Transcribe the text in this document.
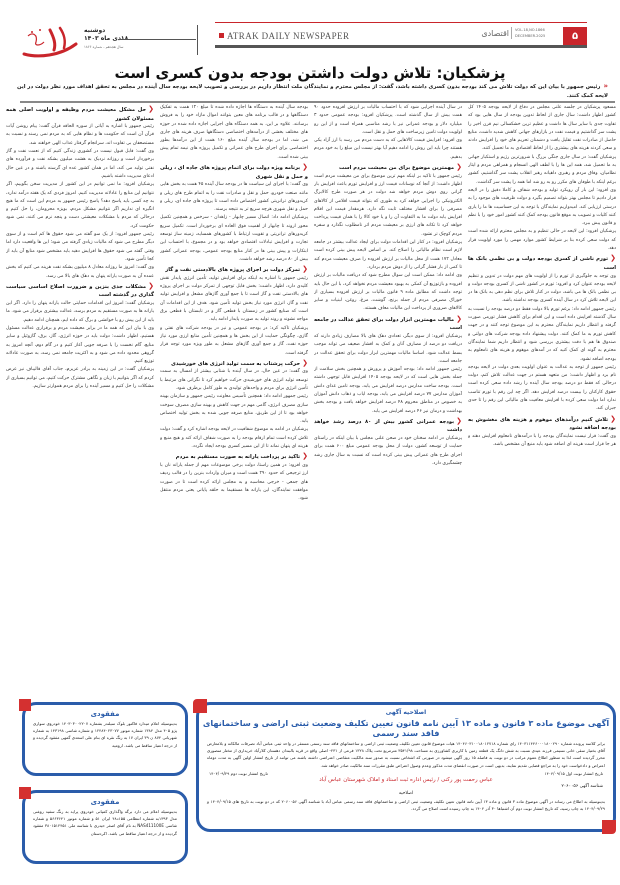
دوشنبه
۱۸دی ماه ۱۴۰۳
سال هجدهم - شماره ۱۸۶۶
ATRAK DAILY NEWSPAPER	اقتصادی VOL.18,NO.1866
DECEMBER.2025	۵
پزشکیان: تلاش دولت داشتن بودجه بدون کسری است
«رئیس جمهور با بیان این که دولت تلاش می کند بودجه بدون کسری داشته باشد، گفت: از مجلس محترم و نمایندگان ملت انتظار داریم در بررسی و تصویب لایحه بودجه سال آینده در مجلس به تحقق اهداف مورد نظر دولت در این لایحه کمک کنند.

مسعود پزشکیان در جلسه علنی مجلس در دفاع از لایحه بودجه ۱۴۰۵ کل کشور اظهار داشت: سال جاری از لحاظ تدوین بودجه از سال هایی بود که تفاوت جدی با سایر سال ها داشت و عظیم ترین خشکسالی نیم قرن اخیر را پشت سر گذاشتیم و قیمت نفت در بازارهای جهانی کاهش شدید داشت، منابع حاصل از صادرات نفت تقلیل یافت و دشمنان تحریم های خود را افزایش دادند و سعی کردند هزینه های بیشتری را از لحاظ اقتصادی به ما تحمیل کنند.

پزشکیان گفت: در سال جاری جنگی بزرگ با شرورترین رژیم و استکبار جهانی به ما تحمیل شد، همه این ها را با لطف الهی انسجام و همراهی مردم و ایثار نظامیان، وفاق مردم و رهبری داهیانه رهبر انقلاب پشت سر گذاشتیم، کشور برغم اینکه با طوفان های مکرر رو به رو شد اما همه را پشت سر گذاشت.

وی افزود: این بار آن رویکرد تولید و بودجه شفاف و کاملا دقیق را در لایحه قرار دادیم تا مجلس بهتر بتواند تصمیم بگیرد و دولت ظرفیت های موجود را به درستی ارزیابی کند. امیدواریم نمایندگان با توجه به این حساسیت ها ما را یاری کنند کلیات و تصویب به موقع قانون بودجه کمک کنند کشور امور خود را با نظم و قانون پیش ببرد.

پزشکیان افزود: این لایحه در حالی تنظیم و به مجلس محترم ارائه شده است که دولت سعی کرده بنا بر شرایط کشور موارد مهمی را مورد اولویت قرار دهد.

❮تورم ناشی از کسری بودجه دولت و بی نظمی بانک ها است

وی توجه به جلوگیری از تورم را از اولویت های مهم دولت در تدوین و تنظیم لایحه بودجه عنوان کرد و افزود: تورم در کشور ناشی از کسری بودجه دولت و بی نظمی بانک ها می باشد، دولت در کنار تلاش برای نظم دهی به بانک ها در این لایحه تلاش کرد در سال آینده کسری بودجه نداشته باشد.

رئیس جمهور ادامه داد: برغم تورم بالا دولت فقط دو درصد بودجه را نسبت به سال گذشته افزایش داده است و این اقدام برای کاهش فشار تورمی صورت گرفته و انتظار داریم نمایندگان محترم به این موضوع توجه کنند و در جهت کاهش تورم به ما کمک کنند. دولت پیشنهاد داده بودجه شرکت های دولتی و صندوق ها هم با دقت بیشتری بررسی شود و انتظار داریم شما نمایندگان محترم به گونه ای کمک کنید که در آمدهای موهوم و هزینه های نامعلوم به بودجه اضافه نشود.

رئیس جمهور از توجه به عدالت به عنوان اولویت بعدی دولت در لایحه بودجه نام برد و اظهار داشت: من متعهد هستم در جهت عدالت تلاش کنم، دولت درحالی که فقط دو درصد بودجه سال آینده را رشد داده سعی کرده است حقوق کارکنان را بیست درصد افزایش دهد. اگر چه این رقم با تورم تناسب ندارد اما دولت سعی کرده با افزایش معافیت های مالیاتی این رقم را تا حدی جبران کند.

❮تلاش کنیم درآمدهای موهوم و هزینه های مغشوش به بودجه اضافه نشود

وی گفت: قرار نیست نمایندگان بودجه را با درآمدهای نامعلوم افزایش دهند و هر جا قرار است هزینه ای اضافه شود باید منبع آن مشخص باشد.

در سال آینده اجرایی شود که با احتساب مالیات بر ارزش افزوده حدود ۹۰ همت بیش از سال گذشته است. پزشکیان افزود: بودجه عمومی حدود ۳ میلیارد دلار و بودجه عمرانی نیز با رشد مناسبی همراه است و از این رو اولویت دولت تامین زیرساخت های حمل و نقل است.

وی افزود: افزایش قیمت کالاهایی که به دست مردم می رسد با ارز آزاد یکی هستند چرا باید این روش را ادامه دهیم آیا بهتر نیست این مبلغ را به خود مردم بدهیم.

❮مهمترین موضوع برای من معیشت مردم است

رئیس جمهور با تاکید بر اینکه مهم ترین موضوع برای من معیشت مردم است اظهار داشت: از آنجا که نوسانات قیمت ارز و افزایش تورم باعث افزایش بار گرانی روی دوش مردم خواهد شد دولت در هر صورت طرح کالابرگ الکترونیکی را اجرایی خواهد کرد به طوری که بتواند قیمت اقلامی از کالاهای مصرفی را برای اقشار مختلف ثابت نگه دارد. هرمقدار قیمت این اقلام افزایش یابد دولت ما به التفاوت آن را و یا خود کالا را با همان قیمت پرداخت خواهد کرد تا تکانه های ارزی بر معیشت مردم اثر نامطلوب نگذارد و سفره مردم کوچک تر نشود.

پزشکیان افزود: در کنار این اقدامات دولت برای ایجاد عدالت بیشتر در جامعه لازم است نظام مالیاتی را اصلاح کند. بر اساس لایحه پیش بینی کرده است معادل ۱۷۲ همت از محل مالیات بر ارزش افزوده را صرف معیشت مردم کند تا کمی از بار فشار گرانی را از دوش مردم بردارد.

وی ادامه داد: ممکن است این سوال مطرح شود که دریافت مالیات بر ارزش افزوده و بازتوزیع آن کمکی به بهبود معیشت مردم نخواهد کرد، با این حال باید توجه داشت که مطابق ماده ۹ قانون مالیات بر ارزش افزوده بسیاری از خوراک مصرفی مردم از جمله برنج، گوشت، مرغ، روغن، لبنیات و سایر کالاهای ضروری از پرداخت این مالیات معاف هستند.

❮مالیات مهمترین ابزار دولت برای تحقق عدالت در جامعه است

پزشکیان افزود: از سوی دیگر، تعدادی دهک های بالا مصارف زیادی دارند که دریافت دو درصد از مصارف آنان و کمک به اقشار ضعیف می تواند موجب بسط عدالت شود. اساسا مالیات مهمترین ابزار دولت برای تحقق عدالت در جامعه است.

رئیس جمهور ادامه داد: بودجه آموزش و پرورش و همچنین بخش سلامت از جمله بخش هایی است که در لایحه بودجه ۱۴۰۵ افزایش قابل توجهی داشته است. بودجه ساخت مدارس درصد افزایش می یابد، بودجه تامین غذای دانش آموزان مدارس ۷۷ درصد افزایش می یابد، بودجه ایاب و ذهاب دانش آموزان به خصوص در مناطق محروم ۴۸ درصد افزایش خواهد یافت و بودجه بخش بهداشت و درمان نیز ۴۶ درصد افزایش می یابد.

❮بودجه عمرانی کشور بیش از ۸۰ درصد رشد خواهد داشت

پزشکیان در ادامه سخنان خود در صحن علنی مجلس با بیان اینکه در راستای حمایت از توسعه کشور، دولت از محل بودجه عمومی مبلغ ۶۰۰ همت برای اجرای طرح های عمرانی پیش بینی کرده است که نسبت به سال جاری رشد چشمگیری دارد.

بودجه سال آینده به دستگاه ها اجازه داده شده تا مبلغ ۱۲۰ همت به تفکیک دستگاهها و در قالب برنامه های معین بتوانند اموال مازاد خود را به فروش برسانند. علاوه بر این، به همه دستگاه های اجرایی اجازه داده شده در حوزه های مختلف بخشی از درآمدهای اختصاصی دستگاهها صرف هزینه های جاری می شد، اما در بودجه سال آینده مبلغ ۱۶۰ همت از این درآمدها بطور اختصاصی برای اجرای طرح های عمرانی و تکمیل پروژه های نیمه تمام پیش بینی شده است.

❮برنامه ویژه دولت برای اتمام پروژه های جاده ای ، ریلی و حمل و نقل شهری

وی گفت: با اجرای این سیاست ها در بودجه سال آینده ۴۵ همت به بخش هایی مانند صنعت خودرو، حمل و نقل و صادرات نفت را به اتمام طرح های ریلی و کریدورهای ترانزیتی کشور اختصاص داده است تا پروژه های جاده ای، ریلی و حمل و نقل شهری هرچه سریع تر به نتیجه برسند.

پزشکیان ادامه داد: اتصال مسیر چابهار - زاهدان - سرخس و همچنین تکمیل محور اروند تا چابهار از اهمیت فوق العاده ای برخوردار است. تکمیل سریع کریدورهای ترانزیتی و تقویت ارتباط با کشورهای همسایه، زمینه ساز توسعه تجارت و افزایش تبادلات اقتصادی خواهد بود و در مجموع، با احتساب این ابتکارات و پیش بینی ها در کنار منابع بودجه عمومی، بودجه عمرانی کشور بیش از ۸۰ درصد رشد خواهد داشت.

❮تمرکز دولت بر اجرای پروژه های بالادستی نفت و گاز

رئیس جمهور با اشاره به اینکه برای افزایش تولید، تأمین انرژی پایدار نقش کلیدی دارد، اظهار داشت: بخش قابل توجهی از تمرکز دولت بر اجرای پروژه های بالادستی نفت و گاز است تا با جمع آوری گازهای مشعل و افزایش تولید نفت و گاز، انرژی مورد نیاز بخش تولید تأمین شود. هدف از این اقدامات آن است که صنایع کشور در زمستان با قطعی گاز و در تابستان با قطعی برق مواجه نشوند و روند تولید به صورت پایدار ادامه یابد.

پزشکیان تاکید کرد: در بودجه عمومی و نیز در بودجه شرکت های نفتی و گازی، چگونگی حمایت از این بخش ها و همچنین تأمین منابع ارزی مورد نیاز حوزه نفت، گاز و جمع آوری گازهای مشعل به طور ویژه مورد توجه قرار گرفته است.

❮حرکت پرشتاب به سمت تولید انرژی های خورشیدی

وی گفت: در عین حال، در سال آینده با شتابی بیشتر از امسال به سمت توسعه تولید انرژی های خورشیدی حرکت خواهیم کرد تا نگرانی های مرتبط با تأمین انرژی برای مردم و واحدهای تولیدی به طور کامل برطرف شود.

رئیس جمهور ادامه داد: همچنین تأسیس معاونت رئیس جمهور و سازمان بهینه سازی مصرف انرژی، گامی مهم در جهت کاهش و بهینه سازی مصرف سوخت خواهد بود تا از این طریق، منابع صرفه جویی شده به بخش تولید اختصاص یابد.

پزشکیان در ادامه به موضوع شفافیت در لایحه بودجه اشاره کرد و گفت: دولت تلاش کرده است تمام ارقام بودجه را به صورت شفاف ارائه کند و هیچ منبع و هزینه ای پنهان نماند تا از این مسیر کسری بودجه ایجاد نگردد.

❮تاکید بر پرداخت یارانه به صورت مستقیم به مردم

وی افزود: در همین راستا، دولت برخی موضوعات مهم از جمله یارانه نان با ارز ترجیحی که حدود ۲۹۰ همت است و میزان واردات بنزین را در قالب ردیف های جمعی - خرجی محاسبه و به مجلس ارائه کرده است تا در صورت موافقت نمایندگان، این یارانه ها مستقیما به حلقه پایانی یعنی مردم منتقل شود.

❮حل مشکل معیشت مردم وظیفه و اولویت اصلی همه مسئولان کشور

رئیس جمهور با اشاره به آیاتی از سوره الحاقه قرآن گفت: پیام روشن آیات قرآن آن است که حکومت ها و نظام هایی که به مردم نمی رسند و نسبت به مستضعفان بی تفاوت اند، سرانجام گرفتار عذاب الهی خواهند شد.

وی گفت: قابل قبول نیست در کشوری زندگی کنیم که از نعمت نفت و گاز برخوردار است و روزانه نزدیک به هشت میلیون بشکه نفت و فرآورده های نفتی تولید می کند، اما در همان کشور عده ای گرسنه باشند و در عین حال ادعای مدیریت داشته باشیم.

پزشکیان افزود: ما نمی توانیم در این کشور از مدیریت سخن بگوییم، اگر نتوانیم این منابع را عادلانه مدیریت کنیم. امروز فردی که یک هفته درآمد ندارد، به چه کسی باید پاسخ دهد؟ پاسخ رئیس جمهور به مردم این است که ما هیچ انگیزه ای نداریم اگر نتوانیم مشکل مردم، بویژه محرومان، را حل کنیم و درحالی که مردم با مشکلات معیشتی دست و پنجه نرم می کنند، نمی شود حکومت کرد.

رئیس جمهور افزود: از یک سو گفته می شود حقوق ها کم است و از سوی دیگر مطرح می شود که مالیات زیادی گرفته می شود؛ این ها واقعیت دارد اما وقتی گفته می شود حقوق ها افزایش دهید باید مشخص شود منابع آن باید از کجا تأمین شود.

وی گفت: امروز ما روزانه معادل ۸ میلیون بشکه نفت هزینه می کنیم که بخش عمده آن به صورت یارانه پنهان به دهک های بالا می رسد.

❮مشکلات جدی بنزین و ضرورت اصلاح اساسی سیاست گذاری در گذشته است

پزشکیان گفت: امروز این اقدامات حمایتی حالت یارانه پنهان را دارد. اگر این یارانه ها به صورت مستقیم به مردم برسد، عدالت بیشتری برقرار می شود. ما باید از این پیش رو با خوانشی و برگ که داده ایم، همچنان ادامه دهیم.

وی با بیان این که همه ما در برابر معیشت مردم و برقراری عدالت مسئول هستیم، اظهار داشت: دولت باید در حوزه انرژی، گاز، برق، گازوئیل و سایر منابع، گام نخست را با صرفه جویی آغاز کنیم و در گام دوم، آنچه امروز به گروهی محدود داده می شود و به اکثریت جامعه نمی رسد، به صورت عادلانه توزیع کنیم.

پزشکیان گفت: در این زمینه به برادر عزیزم، جناب آقای قالیباف نیز عرض کردم که اگر بتوانیم با زبان و نگاهی مشترک حرکت کنیم، می توانیم بسیاری از مشکلات را حل کنیم و مسیر آینده را برای مردم هموارتر سازیم.

اصلاحیه آگهی
آگهی موضوع ماده ۳ قانون و ماده ۱۳ آیین نامه قانون تعیین تکلیف وضعیت ثبتی اراضی و ساختمانهای فاقد سند رسمی
برابر کلاسه پرونده شماره ۱۴۰۳۱۱۴۴۶۰۰۰۱۸۰۰۲۹۰ رای شماره ۱۴۰۴۶۰۳۱۰۰۱۸۰۱۲۷۱۸ هیات موضوع قانون تعیین تکلیف وضعیت ثبتی اراضی و ساختمانهای فاقد سند رسمی مستقر در واحد ثبتی عباس آباد تصرفات مالکانه و بلامعارض آقای بختیار سقی خانی نسیمی فرزند عیدی نسبت به شش دانگ یک قطعه زمین با کاربری کشاورزی به مساحت ۳۵۴۱/۹۸ مترمربع تحت پلاک ۱۳۲۸ فرعی از ۲۳۱- اصلی واقع در قریه بالبندان دهستان کلارآباد خریداری از مختار منصوری محرز گردیده است لذا به منظور اطلاع عموم مراتب در دو نوبت به فاصله ۱۵ روز آگهی میشود در صورتی که اشخاص نسبت به صدور سند مالکیت متقاضی اعتراضی داشته باشند می توانند از تاریخ انتشار اولین آگهی به مدت دوماه اعتراض و دادخواست خود را به مراجع قضایی تقدیم نمایند. بدیهی است در صورت انقضای مدت مذکور وعدم وصول اعتراض طبق مقررات سند مالکیت صادر خواهد شد.
تاریخ انتشار نوبت اول ۱۴۰۴/۰۹/۱۵
تاریخ انتشار نوبت دوم ۱۴۰۴/۰۹/۲۹
عباس رحمت پور رکنی / رئیس اداره ثبت اسناد و املاک شهرستان عباس آباد
شناسه آگهی ۲۰۶۰۰۵۶
اصلاحیه
بدینوسیله به اطلاع می رساند در آگهی موضوع ماده ۳ قانون و ماده ۱۳ آیین نامه قانون تعیین تکلیف وضعیت ثبتی اراضی و ساختمانهای فاقد سند رسمی عباس آباد با شناسه آگهی ۲۰۶۰۰۵۶ که در دو نوبت به تاریخ های ۱۴۰۴/۰۹/۱۵ و ۱۴۰۴/۰۹/۲۹ به چاپ رسید، که تاریخ انتشار نوبت دوم آن اشتباها ۳۰ آذر ۱۴۰۴ به چاپ رسیده است اصلاح می گردد.
مفقودی
بدینوسیله اعلام میدارد فاکتور بلوک سیلندر بشماره ۱۴۰۳۰۳۰۰۲۲۰۷ خودروی سواری پژو ۴۰۵ مدل ۱۳۸۴ شماره موتور ۱۲۴۸۴۰۲۳۰۷۷ و شماره شاسی ۱۴۳۱۹۸ به شماره شهربانی ۸۷۴ ن ۳۹ ایران ۱۷ به رنگ نقره ای بنام علی اسعدی گمهی مفقود گردیده و از درجه اعتبار ساقط می باشد. ارومیه
مفقودی
بدینوسیله اعلام می دارد برگه واگذاری کمپانی خودروی پراید به رنگ سفید روغنی مدل ۱۳۹۳به شماره انتظامی ۱۵۵د۴۸ ایران ۵۱ و شماره موتور ۵۶۶۳۶۴۱ و شماره شاسی NAS411100E به نام آقای اصغر حیدری با شناسه ملی ۳۸۰۱۵۱۲۴۵۱ مفقود گردیده و از درجه اعتبار ساقط می باشد. اکردستان
